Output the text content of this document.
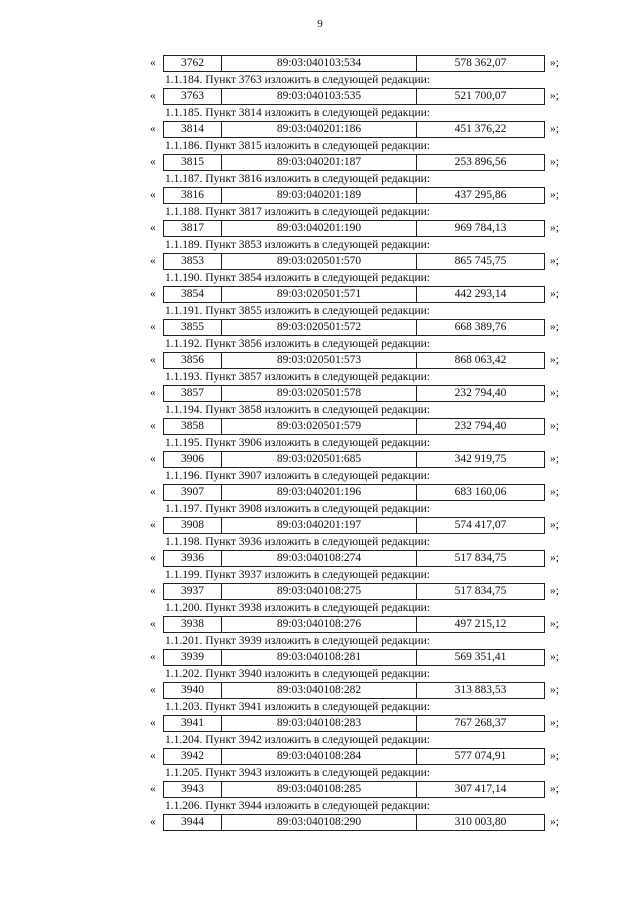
9
«	3762	89:03:040103:534	578 362,07	»;
1.1.184. Пункт 3763 изложить в следующей редакции:
«	3763	89:03:040103:535	521 700,07	»;
1.1.185. Пункт 3814 изложить в следующей редакции:
«	3814	89:03:040201:186	451 376,22	»;
1.1.186. Пункт 3815 изложить в следующей редакции:
«	3815	89:03:040201:187	253 896,56	»;
1.1.187. Пункт 3816 изложить в следующей редакции:
«	3816	89:03:040201:189	437 295,86	»;
1.1.188. Пункт 3817 изложить в следующей редакции:
«	3817	89:03:040201:190	969 784,13	»;
1.1.189. Пункт 3853 изложить в следующей редакции:
«	3853	89:03:020501:570	865 745,75	»;
1.1.190. Пункт 3854 изложить в следующей редакции:
«	3854	89:03:020501:571	442 293,14	»;
1.1.191. Пункт 3855 изложить в следующей редакции:
«	3855	89:03:020501:572	668 389,76	»;
1.1.192. Пункт 3856 изложить в следующей редакции:
«	3856	89:03:020501:573	868 063,42	»;
1.1.193. Пункт 3857 изложить в следующей редакции:
«	3857	89:03:020501:578	232 794,40	»;
1.1.194. Пункт 3858 изложить в следующей редакции:
«	3858	89:03:020501:579	232 794,40	»;
1.1.195. Пункт 3906 изложить в следующей редакции:
«	3906	89:03:020501:685	342 919,75	»;
1.1.196. Пункт 3907 изложить в следующей редакции:
«	3907	89:03:040201:196	683 160,06	»;
1.1.197. Пункт 3908 изложить в следующей редакции:
«	3908	89:03:040201:197	574 417,07	»;
1.1.198. Пункт 3936 изложить в следующей редакции:
«	3936	89:03:040108:274	517 834,75	»;
1.1.199. Пункт 3937 изложить в следующей редакции:
«	3937	89:03:040108:275	517 834,75	»;
1.1.200. Пункт 3938 изложить в следующей редакции:
«	3938	89:03:040108:276	497 215,12	»;
1.1.201. Пункт 3939 изложить в следующей редакции:
«	3939	89:03:040108:281	569 351,41	»;
1.1.202. Пункт 3940 изложить в следующей редакции:
«	3940	89:03:040108:282	313 883,53	»;
1.1.203. Пункт 3941 изложить в следующей редакции:
«	3941	89:03:040108:283	767 268,37	»;
1.1.204. Пункт 3942 изложить в следующей редакции:
«	3942	89:03:040108:284	577 074,91	»;
1.1.205. Пункт 3943 изложить в следующей редакции:
«	3943	89:03:040108:285	307 417,14	»;
1.1.206. Пункт 3944 изложить в следующей редакции:
«	3944	89:03:040108:290	310 003,80	»;
